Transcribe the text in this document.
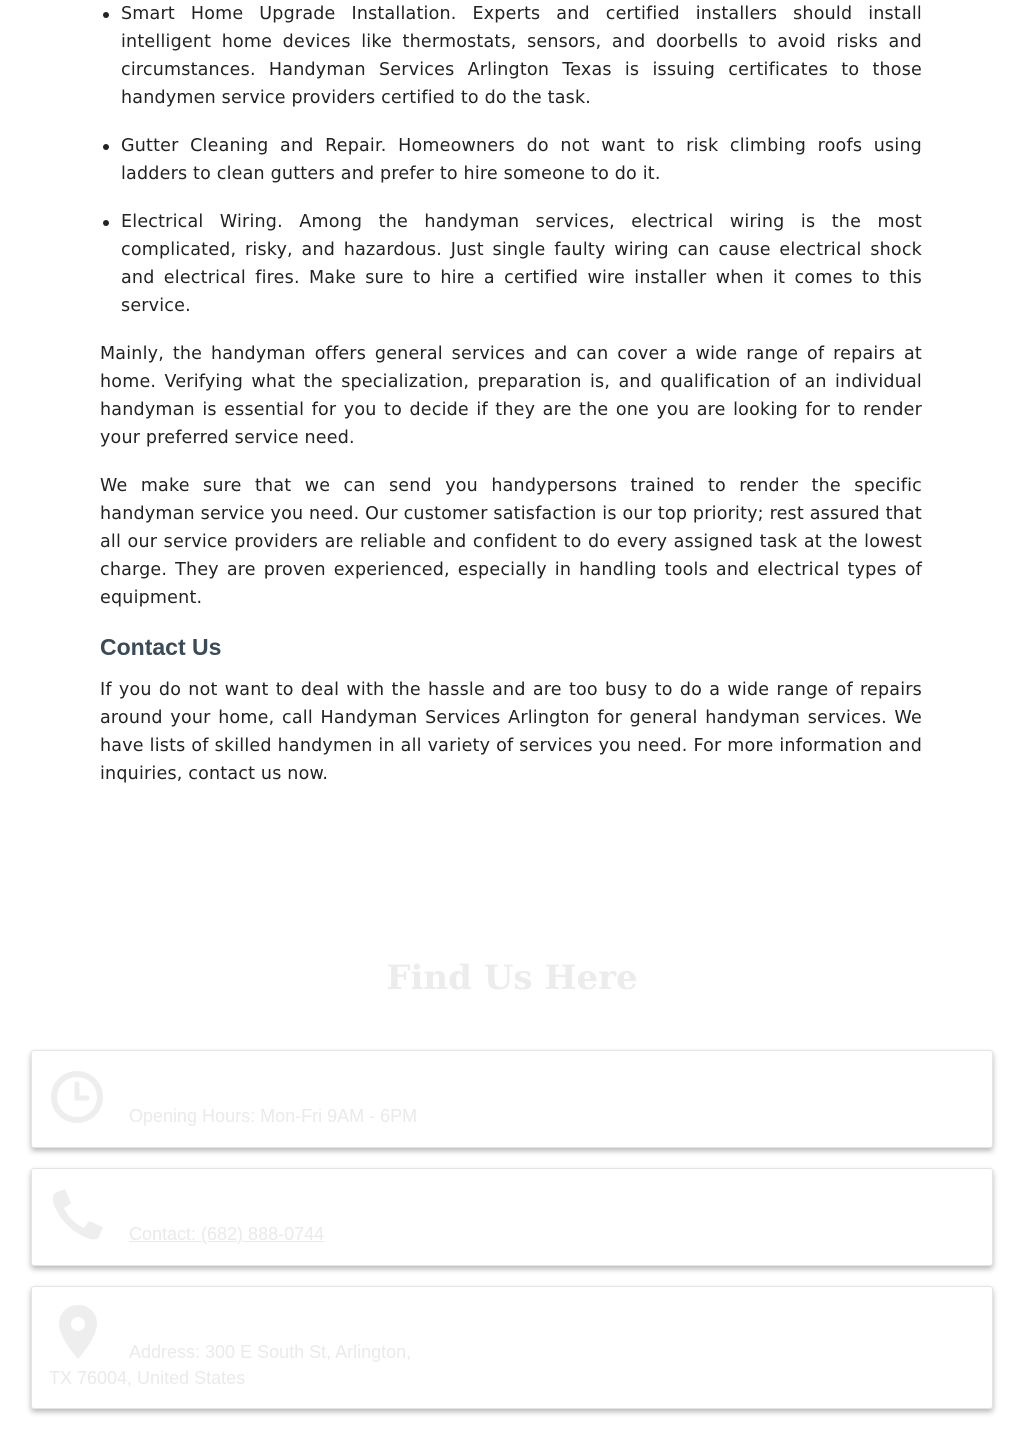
Smart Home Upgrade Installation. Experts and certified installers should install intelligent home devices like thermostats, sensors, and doorbells to avoid risks and circumstances. Handyman Services Arlington Texas is issuing certificates to those handymen service providers certified to do the task.
Gutter Cleaning and Repair. Homeowners do not want to risk climbing roofs using ladders to clean gutters and prefer to hire someone to do it.
Electrical Wiring. Among the handyman services, electrical wiring is the most complicated, risky, and hazardous. Just single faulty wiring can cause electrical shock and electrical fires. Make sure to hire a certified wire installer when it comes to this service.

Mainly, the handyman offers general services and can cover a wide range of repairs at home. Verifying what the specialization, preparation is, and qualification of an individual handyman is essential for you to decide if they are the one you are looking for to render your preferred service need.

We make sure that we can send you handypersons trained to render the specific handyman service you need. Our customer satisfaction is our top priority; rest assured that all our service providers are reliable and confident to do every assigned task at the lowest charge. They are proven experienced, especially in handling tools and electrical types of equipment.

Contact Us

If you do not want to deal with the hassle and are too busy to do a wide range of repairs around your home, call Handyman Services Arlington for general handyman services. We have lists of skilled handymen in all variety of services you need. For more information and inquiries, contact us now.

Find Us Here
Opening Hours: Mon-Fri 9AM - 6PM
Contact: (682) 888-0744
Address: 300 E South St, Arlington,
TX 76004, United States
